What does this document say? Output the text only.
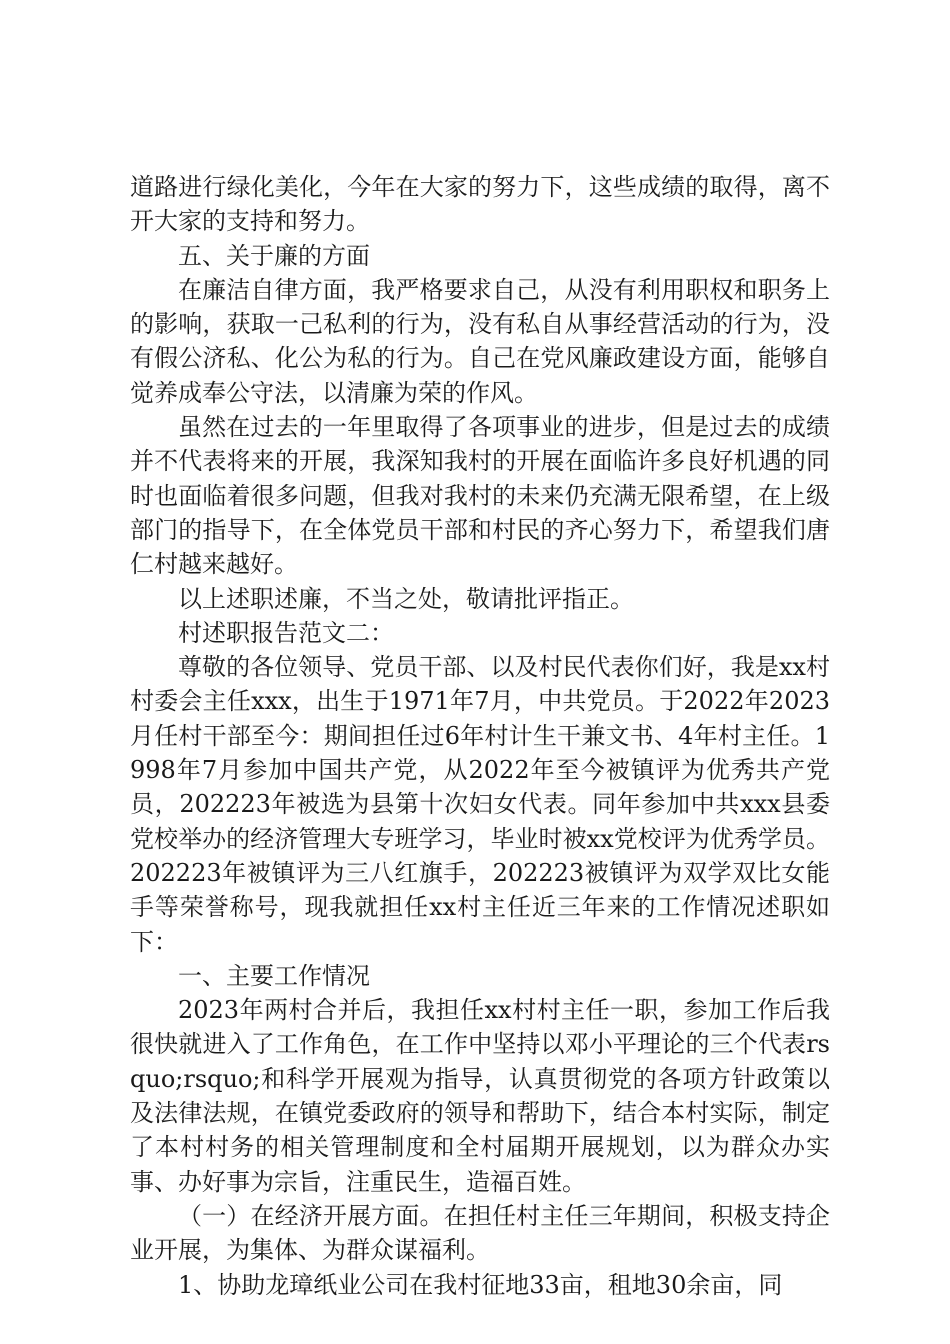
道路进行绿化美化，今年在大家的努力下，这些成绩的取得，离不开大家的支持和努力。

五、关于廉的方面

在廉洁自律方面，我严格要求自己，从没有利用职权和职务上的影响，获取一己私利的行为，没有私自从事经营活动的行为，没有假公济私、化公为私的行为。自己在党风廉政建设方面，能够自觉养成奉公守法，以清廉为荣的作风。

虽然在过去的一年里取得了各项事业的进步，但是过去的成绩并不代表将来的开展，我深知我村的开展在面临许多良好机遇的同时也面临着很多问题，但我对我村的未来仍充满无限希望，在上级部门的指导下，在全体党员干部和村民的齐心努力下，希望我们唐仁村越来越好。

以上述职述廉，不当之处，敬请批评指正。

村述职报告范文二：

尊敬的各位领导、党员干部、以及村民代表你们好，我是xx村村委会主任xxx，出生于1971年7月，中共党员。于2022年2023月任村干部至今：期间担任过6年村计生干兼文书、4年村主任。1998年7月参加中国共产党，从2022年至今被镇评为优秀共产党员，202223年被选为县第十次妇女代表。同年参加中共xxx县委党校举办的经济管理大专班学习，毕业时被xx党校评为优秀学员。202223年被镇评为三八红旗手，202223被镇评为双学双比女能手等荣誉称号，现我就担任xx村主任近三年来的工作情况述职如下：

一、主要工作情况

2023年两村合并后，我担任xx村村主任一职，参加工作后我很快就进入了工作角色，在工作中坚持以邓小平理论的三个代表rsquo;rsquo;和科学开展观为指导，认真贯彻党的各项方针政策以及法律法规，在镇党委政府的领导和帮助下，结合本村实际，制定了本村村务的相关管理制度和全村届期开展规划，以为群众办实事、办好事为宗旨，注重民生，造福百姓。

（一）在经济开展方面。在担任村主任三年期间，积极支持企业开展，为集体、为群众谋福利。

1、协助龙璋纸业公司在我村征地33亩，租地30余亩，同
